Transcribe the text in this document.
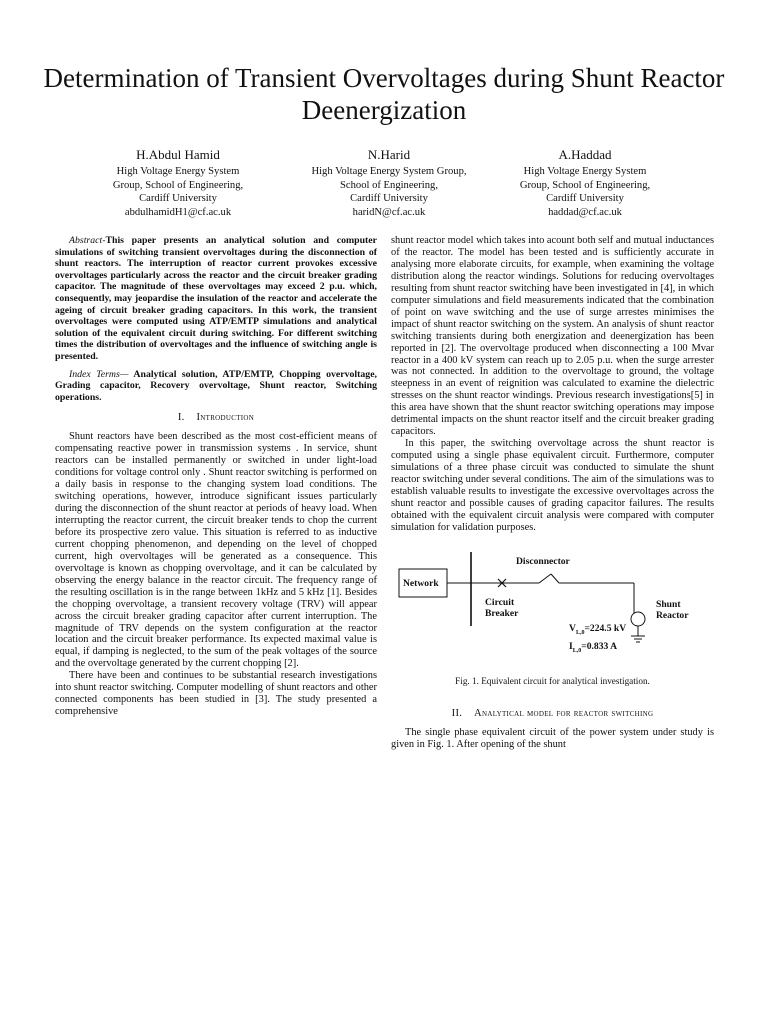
Determination of Transient Overvoltages during Shunt Reactor Deenergization
H.Abdul Hamid
High Voltage Energy System
Group, School of Engineering,
Cardiff University
abdulhamidH1@cf.ac.uk
N.Harid
High Voltage Energy System Group,
School of Engineering,
Cardiff University
haridN@cf.ac.uk
A.Haddad
High Voltage Energy System
Group, School of Engineering,
Cardiff University
haddad@cf.ac.uk

Abstract-This paper presents an analytical solution and computer simulations of switching transient overvoltages during the disconnection of shunt reactors. The interruption of reactor current provokes excessive overvoltages particularly across the reactor and the circuit breaker grading capacitor. The magnitude of these overvoltages may exceed 2 p.u. which, consequently, may jeopardise the insulation of the reactor and accelerate the ageing of circuit breaker grading capacitors. In this work, the transient overvoltages were computed using ATP/EMTP simulations and analytical solution of the equivalent circuit during switching. For different switching times the distribution of overvoltages and the influence of switching angle is presented.

Index Terms— Analytical solution, ATP/EMTP, Chopping overvoltage, Grading capacitor, Recovery overvoltage, Shunt reactor, Switching operations.

I. Introduction

Shunt reactors have been described as the most cost-efficient means of compensating reactive power in transmission systems . In service, shunt reactors can be installed permanently or switched in under light-load conditions for voltage control only . Shunt reactor switching is performed on a daily basis in response to the changing system load conditions. The switching operations, however, introduce significant issues particularly during the disconnection of the shunt reactor at periods of heavy load. When interrupting the reactor current, the circuit breaker tends to chop the current before its prospective zero value. This situation is referred to as inductive current chopping phenomenon, and depending on the level of chopped current, high overvoltages will be generated as a consequence. This overvoltage is known as chopping overvoltage, and it can be calculated by observing the energy balance in the reactor circuit. The frequency range of the resulting oscillation is in the range between 1kHz and 5 kHz [1]. Besides the chopping overvoltage, a transient recovery voltage (TRV) will appear across the circuit breaker grading capacitor after current interruption. The magnitude of TRV depends on the system configuration at the reactor location and the circuit breaker performance. Its expected maximal value is equal, if damping is neglected, to the sum of the peak voltages of the source and the overvoltage generated by the current chopping [2].

There have been and continues to be substantial research investigations into shunt reactor switching. Computer modelling of shunt reactors and other connected components has been studied in [3]. The study presented a comprehensive

shunt reactor model which takes into acount both self and mutual inductances of the reactor. The model has been tested and is sufficiently accurate in analysing more elaborate circuits, for example, when examining the voltage distribution along the reactor windings. Solutions for reducing overvoltages resulting from shunt reactor switching have been investigated in [4], in which computer simulations and field measurements indicated that the combination of point on wave switching and the use of surge arrestes minimises the impact of shunt reactor switching on the system. An analysis of shunt reactor switching transients during both energization and deenergization has been reported in [2]. The overvoltage produced when disconnecting a 100 Mvar reactor in a 400 kV system can reach up to 2.05 p.u. when the surge arrester was not connected. In addition to the overvoltage to ground, the voltage steepness in an event of reignition was calculated to examine the dielectric stresses on the shunt reactor windings. Previous research investigations[5] in this area have shown that the shunt reactor switching operations may impose detrimental impacts on the shunt reactor itself and the circuit breaker grading capacitors.

In this paper, the switching overvoltage across the shunt reactor is computed using a single phase equivalent circuit. Furthermore, computer simulations of a three phase circuit was conducted to simulate the shunt reactor switching under several conditions. The aim of the simulations was to establish valuable results to investigate the excessive overvoltages across the shunt reactor and possible causes of grading capacitor failures. The results obtained with the equivalent circuit analysis were compared with computer simulation for validation purposes.

Network
Disconnector
Circuit
Breaker
Shunt
Reactor
$V_{L,0}=224.5$ kV
$I_{L,0}=0.833$ A

Fig. 1. Equivalent circuit for analytical investigation.

II. Analytical model for reactor switching

The single phase equivalent circuit of the power system under study is given in Fig. 1. After opening of the shunt
